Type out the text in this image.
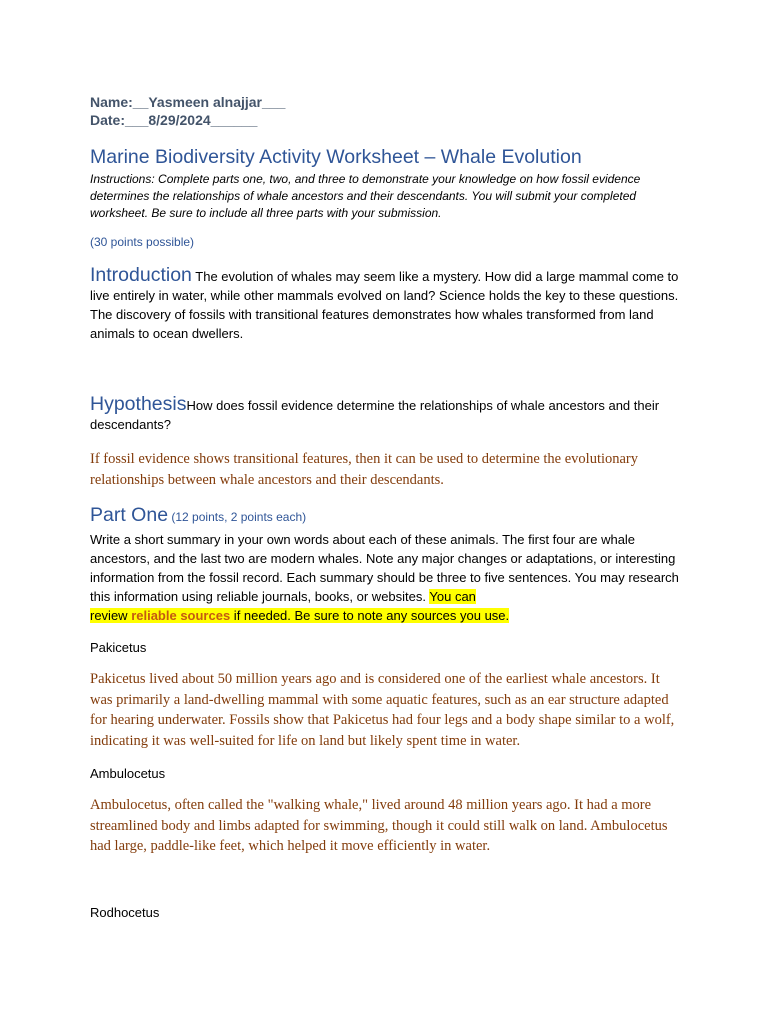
Name:__Yasmeen alnajjar___
Date:___8/29/2024______
Marine Biodiversity Activity Worksheet – Whale Evolution
Instructions: Complete parts one, two, and three to demonstrate your knowledge on how fossil evidence determines the relationships of whale ancestors and their descendants. You will submit your completed worksheet. Be sure to include all three parts with your submission.
(30 points possible)
Introduction The evolution of whales may seem like a mystery. How did a large mammal come to live entirely in water, while other mammals evolved on land? Science holds the key to these questions. The discovery of fossils with transitional features demonstrates how whales transformed from land animals to ocean dwellers.
HypothesisHow does fossil evidence determine the relationships of whale ancestors and their descendants?
If fossil evidence shows transitional features, then it can be used to determine the evolutionary relationships between whale ancestors and their descendants.
Part One (12 points, 2 points each)
Write a short summary in your own words about each of these animals. The first four are whale ancestors, and the last two are modern whales. Note any major changes or adaptations, or interesting information from the fossil record. Each summary should be three to five sentences. You may research this information using reliable journals, books, or websites. You can
review reliable sources if needed. Be sure to note any sources you use.
Pakicetus
Pakicetus lived about 50 million years ago and is considered one of the earliest whale ancestors. It was primarily a land-dwelling mammal with some aquatic features, such as an ear structure adapted for hearing underwater. Fossils show that Pakicetus had four legs and a body shape similar to a wolf, indicating it was well-suited for life on land but likely spent time in water.
Ambulocetus
Ambulocetus, often called the "walking whale," lived around 48 million years ago. It had a more streamlined body and limbs adapted for swimming, though it could still walk on land. Ambulocetus had large, paddle-like feet, which helped it move efficiently in water.
Rodhocetus
